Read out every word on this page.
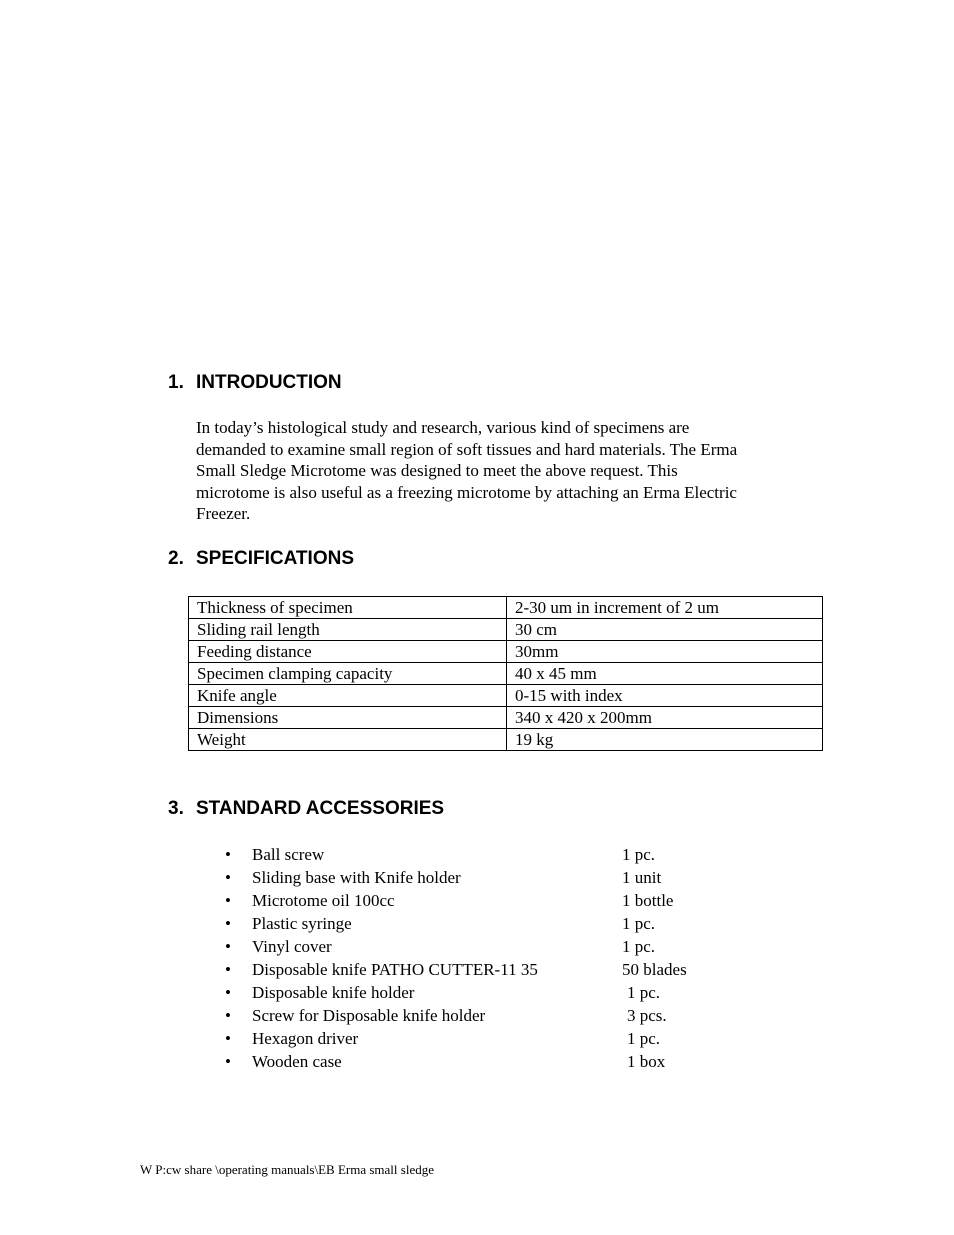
1. INTRODUCTION
In today’s histological study and research, various kind of specimens are
demanded to examine small region of soft tissues and hard materials. The Erma
Small Sledge Microtome was designed to meet the above request. This
microtome is also useful as a freezing microtome by attaching an Erma Electric
Freezer.
2. SPECIFICATIONS
Thickness of specimen	2-30 um in increment of 2 um
Sliding rail length	30 cm
Feeding distance	30mm
Specimen clamping capacity	40 x 45 mm
Knife angle	0-15 with index
Dimensions	340 x 420 x 200mm
Weight	19 kg
3. STANDARD ACCESSORIES
• Ball screw	1 pc.
• Sliding base with Knife holder	1 unit
• Microtome oil 100cc	1 bottle
• Plastic syringe	1 pc.
• Vinyl cover	1 pc.
• Disposable knife PATHO CUTTER-11 35	50 blades
• Disposable knife holder	1 pc.
• Screw for Disposable knife holder	3 pcs.
• Hexagon driver	1 pc.
• Wooden case	1 box
W P:cw share \operating manuals\EB Erma small sledge
